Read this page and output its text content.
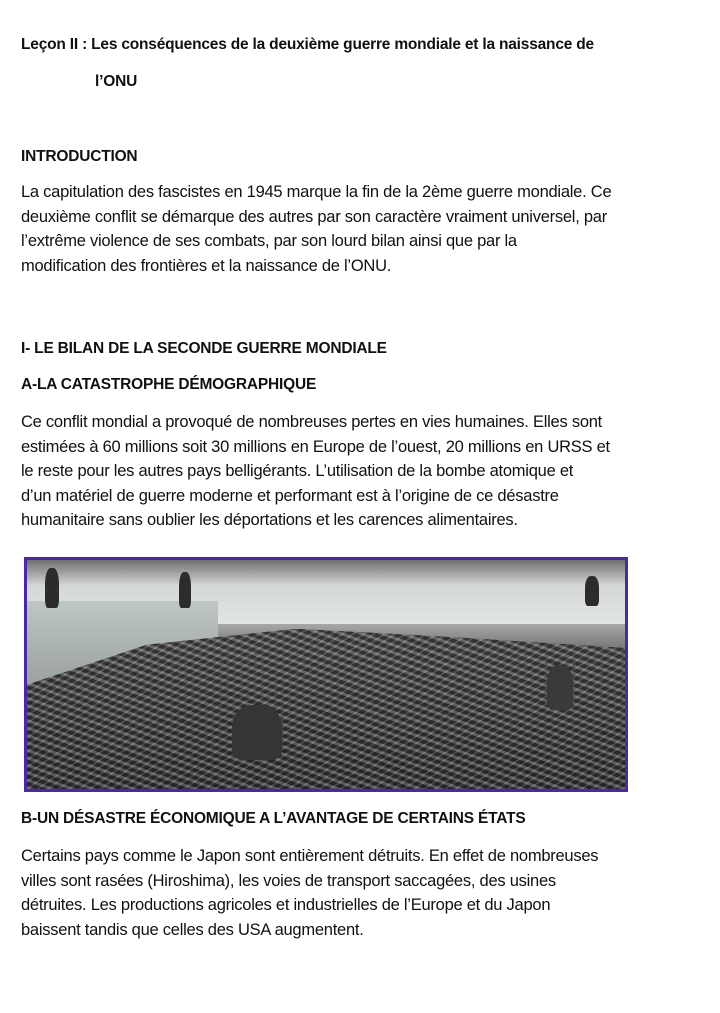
Leçon II : Les conséquences de la deuxième guerre mondiale et la naissance de
l’ONU
INTRODUCTION
La capitulation des fascistes en 1945 marque la fin de la 2ème guerre mondiale. Ce
deuxième conflit se démarque des autres par son caractère vraiment universel, par
l’extrême violence de ses combats, par son lourd bilan ainsi que par la
modification des frontières et la naissance de l’ONU.
I- LE BILAN DE LA SECONDE GUERRE MONDIALE
A-LA CATASTROPHE DÉMOGRAPHIQUE
Ce conflit mondial a provoqué de nombreuses pertes en vies humaines. Elles sont
estimées à 60 millions soit 30 millions en Europe de l’ouest, 20 millions en URSS et
le reste pour les autres pays belligérants. L’utilisation de la bombe atomique et
d’un matériel de guerre moderne et performant est à l’origine de ce désastre
humanitaire sans oublier les déportations et les carences alimentaires.
B-UN DÉSASTRE ÉCONOMIQUE A L’AVANTAGE DE CERTAINS ÉTATS
Certains pays comme le Japon sont entièrement détruits. En effet de nombreuses
villes sont rasées (Hiroshima), les voies de transport saccagées, des usines
détruites. Les productions agricoles et industrielles de l’Europe et du Japon
baissent tandis que celles des USA augmentent.
